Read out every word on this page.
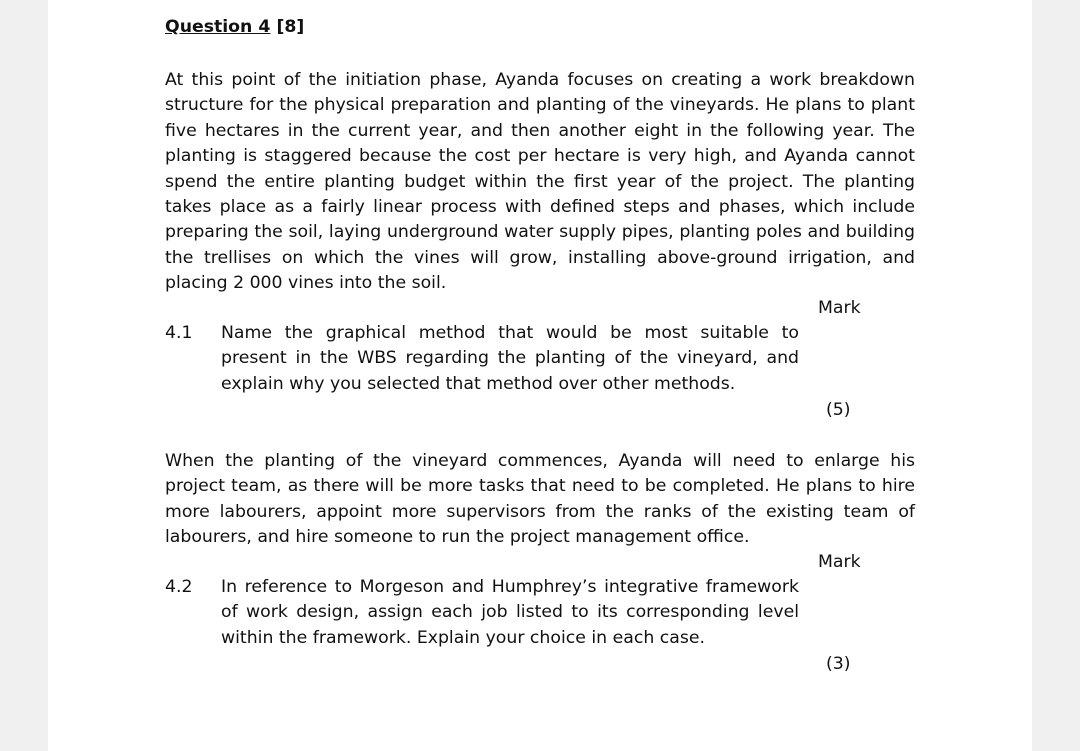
Question 4 [8]

At this point of the initiation phase, Ayanda focuses on creating a work breakdown structure for the physical preparation and planting of the vineyards. He plans to plant five hectares in the current year, and then another eight in the following year. The planting is staggered because the cost per hectare is very high, and Ayanda cannot spend the entire planting budget within the first year of the project. The planting takes place as a fairly linear process with defined steps and phases, which include preparing the soil, laying underground water supply pipes, planting poles and building the trellises on which the vines will grow, installing above-ground irrigation, and placing 2 000 vines into the soil.

Mark
4.1 Name the graphical method that would be most suitable to present in the WBS regarding the planting of the vineyard, and explain why you selected that method over other methods.

(5)

When the planting of the vineyard commences, Ayanda will need to enlarge his project team, as there will be more tasks that need to be completed. He plans to hire more labourers, appoint more supervisors from the ranks of the existing team of labourers, and hire someone to run the project management office.

Mark
4.2 In reference to Morgeson and Humphrey’s integrative framework of work design, assign each job listed to its corresponding level within the framework. Explain your choice in each case.

(3)
